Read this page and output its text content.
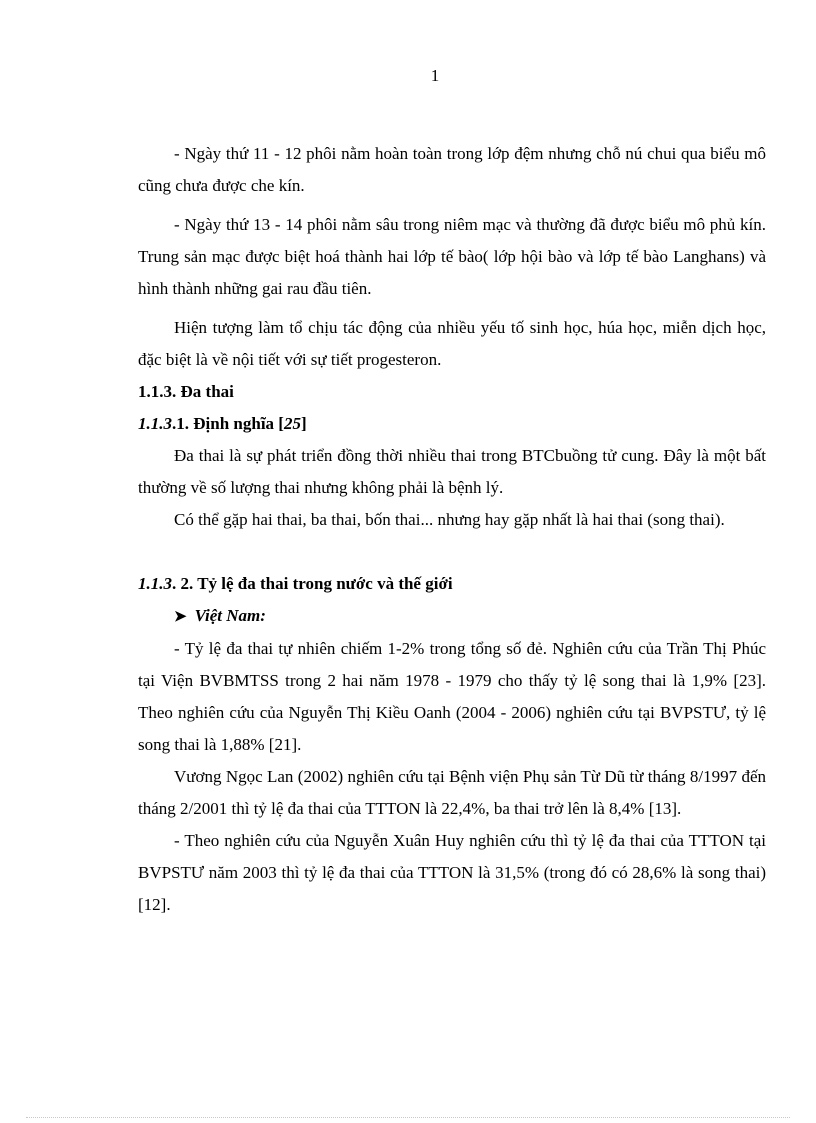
1

- Ngày thứ 11 - 12 phôi nằm hoàn toàn trong lớp đệm nhưng chỗ nú chui qua biểu mô cũng chưa được che kín.

- Ngày thứ 13 - 14 phôi nằm sâu trong niêm mạc và thường đã được biểu mô phủ kín. Trung sản mạc được biệt hoá thành hai lớp tế bào( lớp hội bào và lớp tế bào Langhans) và hình thành những gai rau đầu tiên.

Hiện tượng làm tổ chịu tác động của nhiều yếu tố sinh học, húa học, miễn dịch học, đặc biệt là về nội tiết với sự tiết progesteron.

1.1.3. Đa thai

1.1.3.1. Định nghĩa [25]

Đa thai là sự phát triển đồng thời nhiều thai trong BTCbuồng tử cung. Đây là một bất thường về số lượng thai nhưng không phải là bệnh lý.

Có thể gặp hai thai, ba thai, bốn thai... nhưng hay gặp nhất là hai thai (song thai).

1.1.3. 2. Tỷ lệ đa thai trong nước và thế giới

➤ Việt Nam:

- Tỷ lệ đa thai tự nhiên chiếm 1-2% trong tổng số đẻ. Nghiên cứu của Trần Thị Phúc tại Viện BVBMTSS trong 2 hai năm 1978 - 1979 cho thấy tỷ lệ song thai là 1,9% [23]. Theo nghiên cứu của Nguyễn Thị Kiều Oanh (2004 - 2006) nghiên cứu tại BVPSTƯ, tỷ lệ song thai là 1,88% [21].

Vương Ngọc Lan (2002) nghiên cứu tại Bệnh viện Phụ sản Từ Dũ từ tháng 8/1997 đến tháng 2/2001 thì tỷ lệ đa thai của TTTON là 22,4%, ba thai trở lên là 8,4% [13].

- Theo nghiên cứu của Nguyễn Xuân Huy nghiên cứu thì tỷ lệ đa thai của TTTON tại BVPSTƯ năm 2003 thì tỷ lệ đa thai của TTTON là 31,5% (trong đó có 28,6% là song thai) [12].
